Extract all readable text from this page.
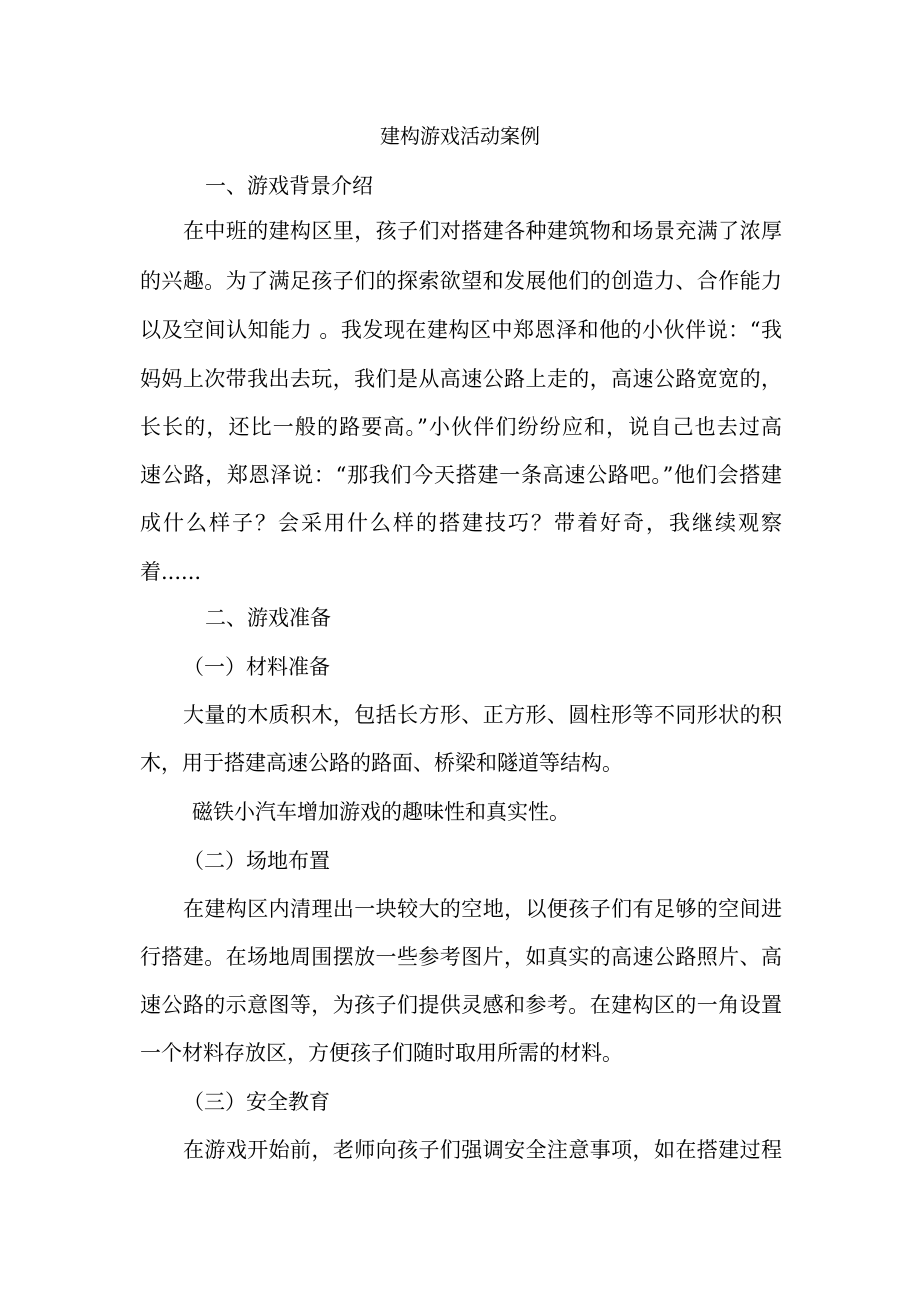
建构游戏活动案例

一、游戏背景介绍

在中班的建构区里，孩子们对搭建各种建筑物和场景充满了浓厚

的兴趣。为了满足孩子们的探索欲望和发展他们的创造力、合作能力

以及空间认知能力 。我发现在建构区中郑恩泽和他的小伙伴说：“我

妈妈上次带我出去玩，我们是从高速公路上走的，高速公路宽宽的，

长长的，还比一般的路要高。”小伙伴们纷纷应和，说自己也去过高

速公路，郑恩泽说：“那我们今天搭建一条高速公路吧。”他们会搭建

成什么样子？会采用什么样的搭建技巧？带着好奇，我继续观察

着......

二、游戏准备

（一）材料准备

大量的木质积木，包括长方形、正方形、圆柱形等不同形状的积

木，用于搭建高速公路的路面、桥梁和隧道等结构。

磁铁小汽车增加游戏的趣味性和真实性。

（二）场地布置

在建构区内清理出一块较大的空地，以便孩子们有足够的空间进

行搭建。在场地周围摆放一些参考图片，如真实的高速公路照片、高

速公路的示意图等，为孩子们提供灵感和参考。在建构区的一角设置

一个材料存放区，方便孩子们随时取用所需的材料。

（三）安全教育

在游戏开始前，老师向孩子们强调安全注意事项，如在搭建过程
